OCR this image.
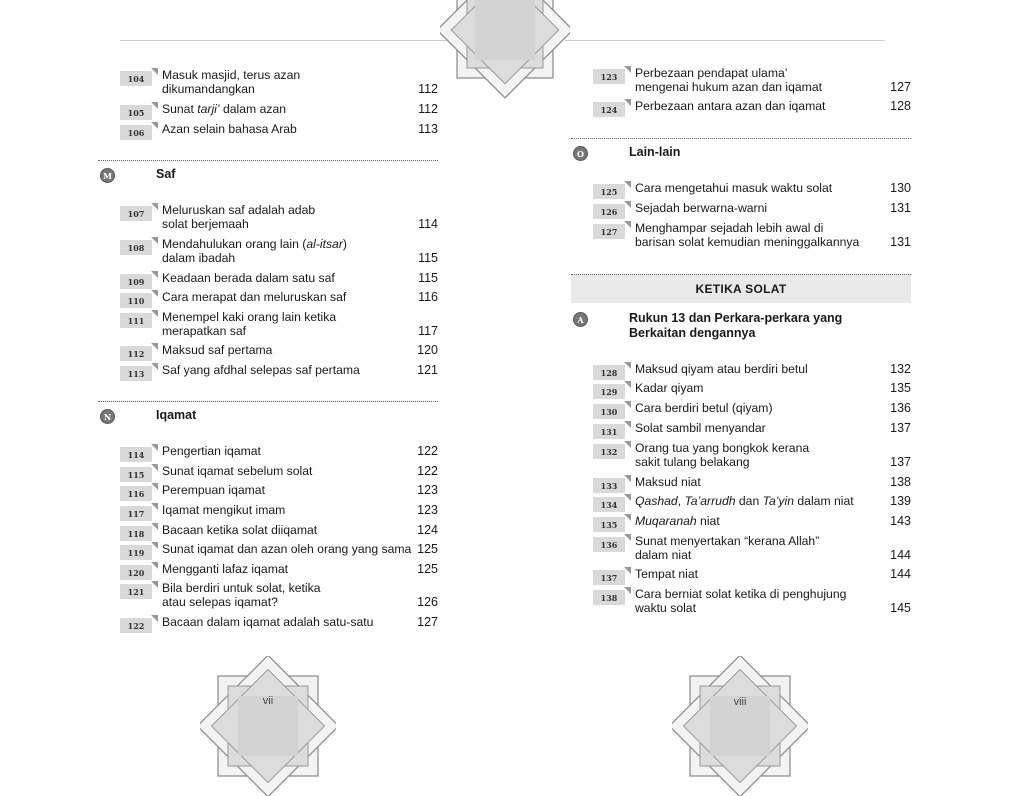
vii	viii
104	Masuk masjid, terus azan dikumandangkan	112
105	Sunat tarji’ dalam azan	112
106	Azan selain bahasa Arab	113
M	Saf
107	Meluruskan saf adalah adab
solat berjemaah	114
108	Mendahulukan orang lain (al-itsar)
dalam ibadah	115
109	Keadaan berada dalam satu saf	115
110	Cara merapat dan meluruskan saf	116
111	Menempel kaki orang lain ketika
merapatkan saf	117
112	Maksud saf pertama	120
113	Saf yang afdhal selepas saf pertama	121
N	Iqamat
114	Pengertian iqamat	122
115	Sunat iqamat sebelum solat	122
116	Perempuan iqamat	123
117	Iqamat mengikut imam	123
118	Bacaan ketika solat diiqamat	124
119	Sunat iqamat dan azan oleh orang yang sama 125
120	Mengganti lafaz iqamat	125
121	Bila berdiri untuk solat, ketika
atau selepas iqamat?	126
122	Bacaan dalam iqamat adalah satu-satu	127
123	Perbezaan pendapat ulama’
mengenai hukum azan dan iqamat	127
124	Perbezaan antara azan dan iqamat	128
O	Lain-lain
125	Cara mengetahui masuk waktu solat	130
126	Sejadah berwarna-warni	131
127	Menghampar sejadah lebih awal di
barisan solat kemudian meninggalkannya	131
KETIKA SOLAT
A	Rukun 13 dan Perkara-perkara yang
Berkaitan dengannya
128	Maksud qiyam atau berdiri betul	132
129	Kadar qiyam	135
130	Cara berdiri betul (qiyam)	136
131	Solat sambil menyandar	137
132	Orang tua yang bongkok kerana
sakit tulang belakang	137
133	Maksud niat	138
134	Qashad, Ta’arrudh dan Ta’yin dalam niat	139
135	Muqaranah niat	143
136	Sunat menyertakan “kerana Allah”
dalam niat	144
137	Tempat niat	144
138	Cara berniat solat ketika di penghujung
waktu solat	145
